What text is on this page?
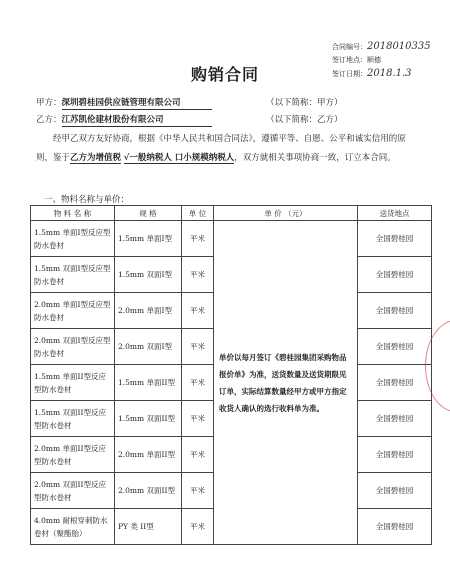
合同编号：2018010335
签订地点：顺德
签订日期：2018.1.3
购销合同
甲方：深圳碧桂园供应链管理有限公司	（以下简称：甲方）
乙方：江苏凯伦建材股份有限公司	（以下简称：乙方）
经甲乙双方友好协商，根据《中华人民共和国合同法》，遵循平等、自愿、公平和诚实信用的原则，鉴于乙方为增值税 √一般纳税人 口小规模纳税人，双方就相关事项协商一致，订立本合同。
一、物料名称与单价：
物 料 名 称	规 格	单 位	单 价 （元）	送货地点
1.5mm 单面Ⅰ型反应型防水卷材	1.5mm 单面Ⅰ型	平米	单价以每月签订《碧桂园集团采购物品报价单》为准，送货数量及送货期限见订单，实际结算数量经甲方或甲方指定收货人确认的选行收料单为准。	全国碧桂园
1.5mm 双面Ⅰ型反应型防水卷材	1.5mm 双面Ⅰ型	平米		全国碧桂园
2.0mm 单面Ⅰ型反应型防水卷材	2.0mm 单面Ⅰ型	平米		全国碧桂园
2.0mm 双面Ⅰ型反应型防水卷材	2.0mm 双面Ⅰ型	平米		全国碧桂园
1.5mm 单面II型反应型防水卷材	1.5mm 单面II型	平米		全国碧桂园
1.5mm 双面II型反应型防水卷材	1.5mm 双面II型	平米		全国碧桂园
2.0mm 单面II型反应型防水卷材	2.0mm 单面II型	平米		全国碧桂园
2.0mm 双面II型反应型防水卷材	2.0mm 双面II型	平米		全国碧桂园
4.0mm 耐根穿刺防水卷材（聚酯胎）	PY 类 II型	平米		全国碧桂园
